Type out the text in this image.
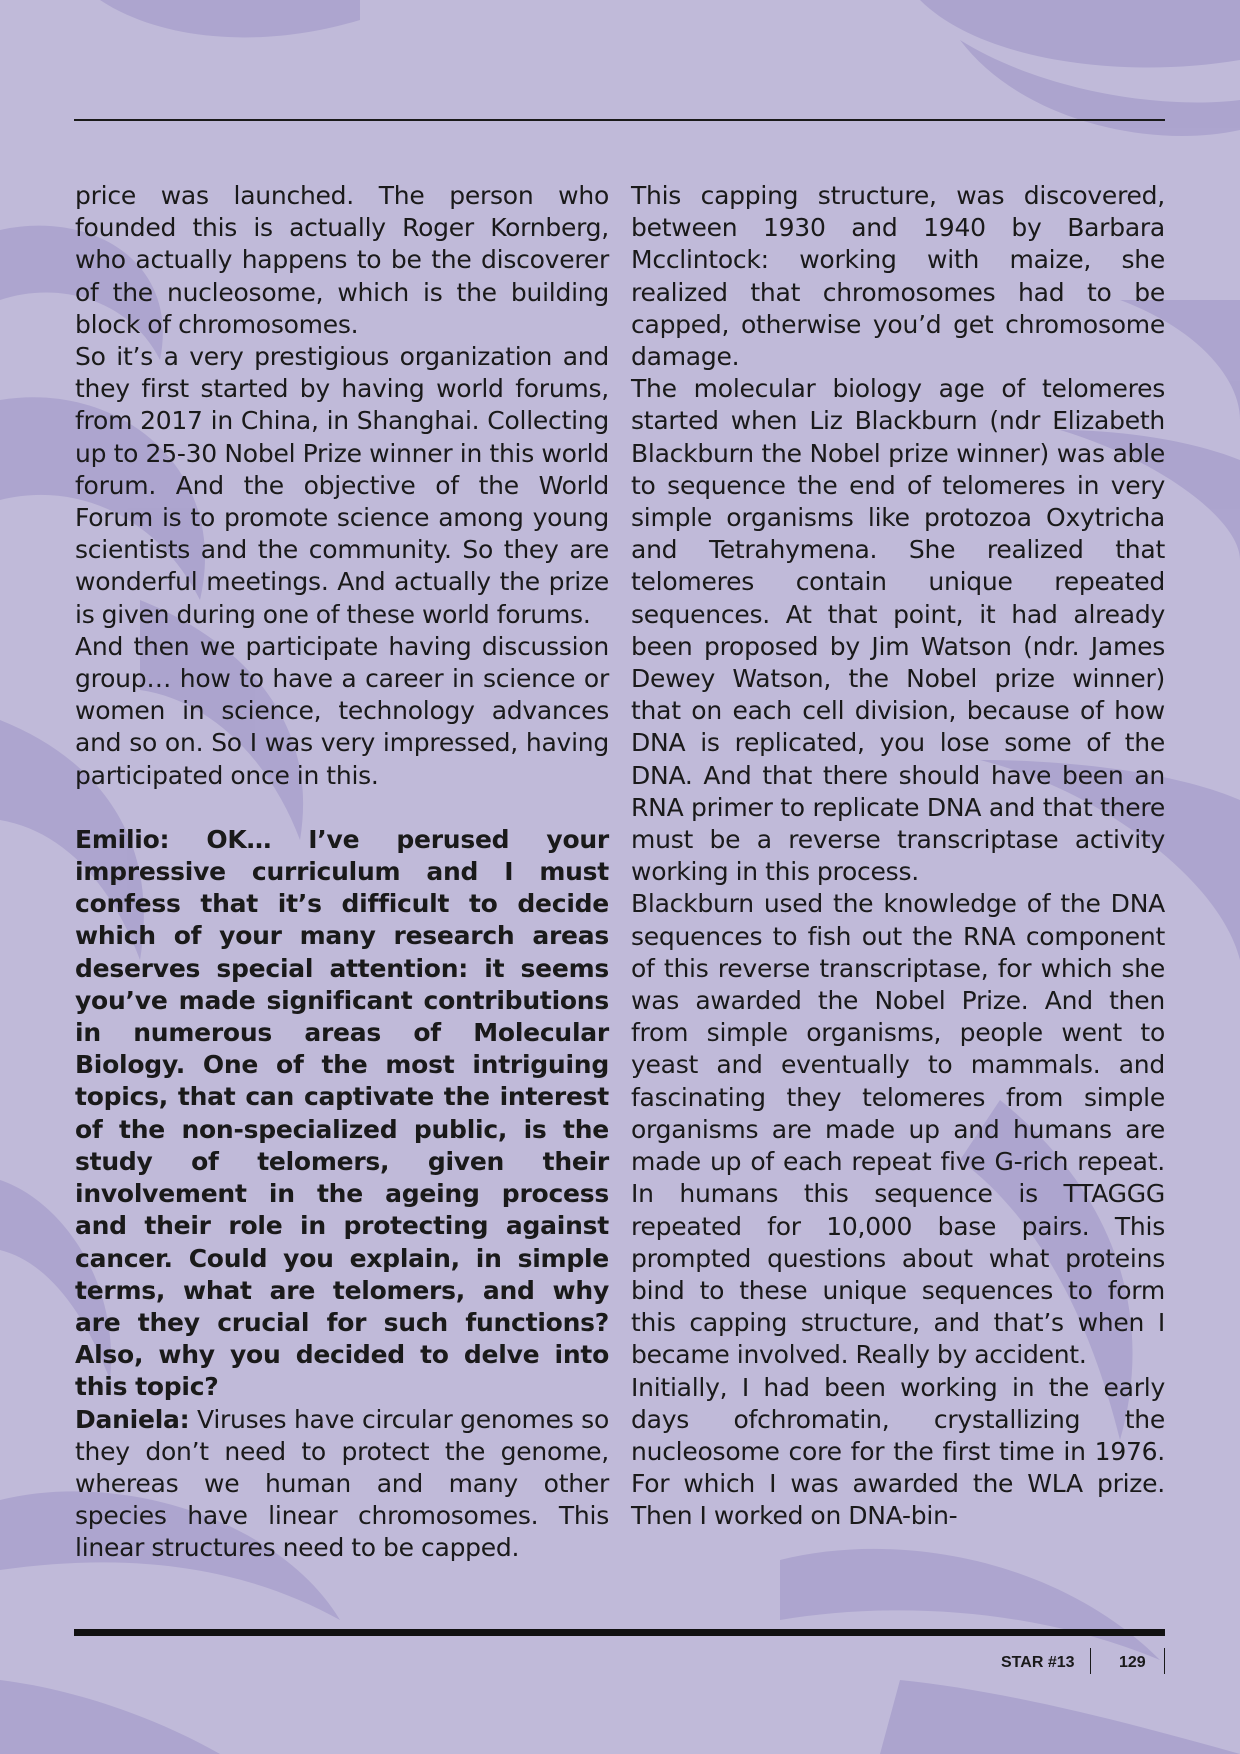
price was launched. The person who founded this is actually Roger Kornberg, who actually happens to be the discoverer of the nucleosome, which is the building block of chromosomes.

So it’s a very prestigious organization and they first started by having world forums, from 2017 in China, in Shanghai. Collecting up to 25-30 Nobel Prize winner in this world forum. And the objective of the World Forum is to promote science among young scientists and the community. So they are wonderful meetings. And actually the prize is given during one of these world forums.

And then we participate having discussion group… how to have a career in science or women in science, technology advances and so on. So I was very impressed, having participated once in this.

Emilio: OK… I’ve perused your impressive curriculum and I must confess that it’s difficult to decide which of your many research areas deserves special attention: it seems you’ve made significant contributions in numerous areas of Molecular Biology. One of the most intriguing topics, that can captivate the interest of the non-specialized public, is the study of telomers, given their involvement in the ageing process and their role in protecting against cancer. Could you explain, in simple terms, what are telomers, and why are they crucial for such functions? Also, why you decided to delve into this topic?

Daniela: Viruses have circular genomes so they don’t need to protect the genome, whereas we human and many other species have linear chromosomes. This linear structures need to be capped.

This capping structure, was discovered, between 1930 and 1940 by Barbara Mcclintock: working with maize, she realized that chromosomes had to be capped, otherwise you’d get chromosome damage.

The molecular biology age of telomeres started when Liz Blackburn (ndr Elizabeth Blackburn the Nobel prize winner) was able to sequence the end of telomeres in very simple organisms like protozoa Oxytricha and Tetrahymena. She realized that telomeres contain unique repeated sequences. At that point, it had already been proposed by Jim Watson (ndr. James Dewey Watson, the Nobel prize winner) that on each cell division, because of how DNA is replicated, you lose some of the DNA. And that there should have been an RNA primer to replicate DNA and that there must be a reverse transcriptase activity working in this process.

Blackburn used the knowledge of the DNA sequences to fish out the RNA component of this reverse transcriptase, for which she was awarded the Nobel Prize. And then from simple organisms, people went to yeast and eventually to mammals. and fascinating they telomeres from simple organisms are made up and humans are made up of each repeat five G-rich repeat. In humans this sequence is TTAGGG repeated for 10,000 base pairs. This prompted questions about what proteins bind to these unique sequences to form this capping structure, and that’s when I became involved. Really by accident.

Initially, I had been working in the early days ofchromatin, crystallizing the nucleosome core for the first time in 1976. For which I was awarded the WLA prize. Then I worked on DNA-bin-

STAR #13	129
